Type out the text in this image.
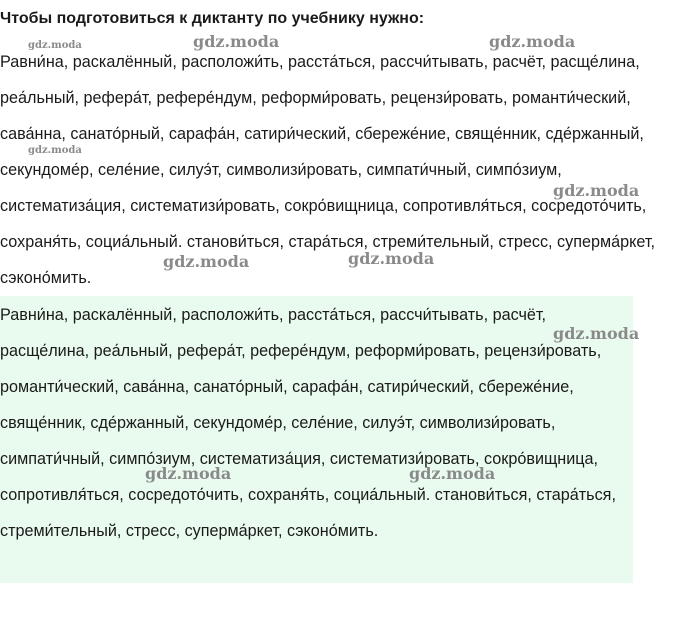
Чтобы подготовиться к диктанту по учебнику нужно:

Равни́на, раскалённый, расположи́ть, расста́ться, рассчи́тывать, расчёт, расще́лина, реа́льный, рефера́т, рефере́ндум, реформи́ровать, рецензи́ровать, романти́ческий, сава́нна, санато́рный, сарафа́н, сатири́ческий, сбереже́ние, свяще́нник, сде́ржанный, секундоме́р, селе́ние, силуэ́т, символизи́ровать, симпати́чный, симпо́зиум, систематиза́ция, систематизи́ровать, сокро́вищница, сопротивля́ться, сосредото́чить, сохраня́ть, социа́льный. станови́ться, стара́ться, стреми́тельный, стресс, суперма́ркет, сэконо́мить.

Равни́на, раскалённый, расположи́ть, расста́ться, рассчи́тывать, расчёт, расще́лина, реа́льный, рефера́т, рефере́ндум, реформи́ровать, рецензи́ровать, романти́ческий, сава́нна, санато́рный, сарафа́н, сатири́ческий, сбереже́ние, свяще́нник, сде́ржанный, секундоме́р, селе́ние, силуэ́т, символизи́ровать, симпати́чный, симпо́зиум, систематиза́ция, систематизи́ровать, сокро́вищница, сопротивля́ться, сосредото́чить, сохраня́ть, социа́льный. станови́ться, стара́ться, стреми́тельный, стресс, суперма́ркет, сэконо́мить.

gdz.moda	gdz.moda	gdz.moda
gdz.moda
gdz.moda
gdz.moda	gdz.moda
gdz.moda
gdz.moda	gdz.moda
